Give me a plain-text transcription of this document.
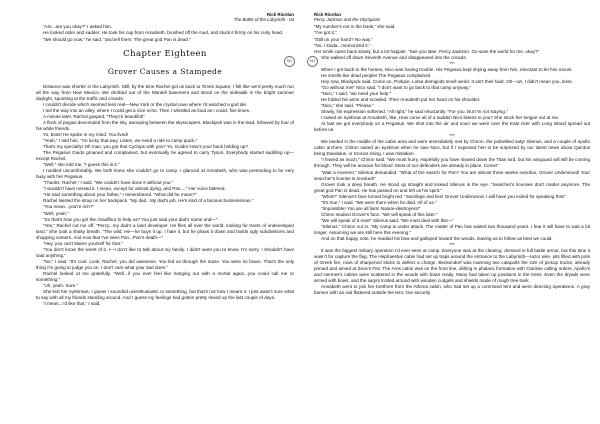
Rick Riordan
The Battle of the Labyrinth - 04

“Are...are you okay?” I asked him.

He looked older and sadder. He took his cap from Annabeth, brushed off the mud, and stuck it firmly on his curly head.

“We should go now,” he said, “and tell them. The great god Pan is dead.”

Chapter Eighteen
Grover Causes a Stampede

Distance was shorter in the Labyrinth. Still, by the time Rachel got us back to Times Square, I felt like we'd pretty much run all the way from New Mexico. We climbed out of the Mantell basement and stood on the sidewalk in the bright summer daylight, squinting at the traffic and crowds.

I couldn't decide which seemed less real—New York or the crystal cave where I'd watched a god die.

I led the way into an alley, where I could get a nice echo. Then I whistled as loud as I could, five times.

A minute later, Rachel gasped. “They're beautiful!”

A flock of pegasi descended from the sky, swooping between the skyscrapers. Blackjack was in the lead, followed by four of his white friends.

Yo, boss! He spoke in my mind. You lived!

“Yeah,” I told him. “I'm lucky that way. Listen, we need a ride to camp quick.”

That's my specialty! Oh man, you got that Cyclops with you? Yo, Guido! How's your back holding up?

The Pegasus Guido groaned and complained, but eventually he agreed to carry Tyson. Everybody started saddling up—except Rachel.

“Well,” she told me, “I guess this is it.”

I nodded uncomfortably. We both knew she couldn't go to camp. I glanced at Annabeth, who was pretending to be very busy with her Pegasus.

“Thanks, Rachel,” I said. “We couldn't have done it without you.”

“I wouldn't have missed it. I mean, except for almost dying, and Pan....” Her voice faltered.

“He said something about your father,” I remembered. “What did he mean?”

Rachel twisted the strap on her backpack. “My dad...My dad's job. He's kind of a famous businessman.”

“You mean...you're rich?”

“Well, yeah.”

“So that's how you got the chauffeur to help us? You just said your dad's name and—”

“Yes,” Rachel cut me off. “Percy...my dad's a land developer. He flies all over the world, looking for tracts of undeveloped land.” She took a shaky breath. “The wild. He—he buys it up. I hate it, but he plows it down and builds ugly subdivisions and shopping centers. And now that I've seen Pan...Pan's death—”

“Hey, you can't blame yourself for that.”

“You don't know the worst of it. I—I don't like to talk about my family. I didn't want you to know. I'm sorry. I shouldn't have said anything.”

“No,” I said. “It's cool. Look, Rachel, you did awesome. You led us through the maze. You were so brave. That's the only thing I'm going to judge you on. I don't care what your dad does.”

Rachel looked at me gratefully. “Well...if you ever feel like hanging out with a mortal again...you could call me or something.”

“Uh, yeah. Sure.”

She knit her eyebrows. I guess I sounded unenthusiastic or something, but that's not how I meant it. I just wasn't sure what to say with all my friends standing around. And I guess my feelings had gotten pretty mixed up the last couple of days.

“I mean...I'd like that,” I said.

511	512
Rick Riordan
Percy Jackson and the Olympians

“My number's not in the book,” she said.

“I've got it.”

“Still on your hand? No way.”

“No. I kinda...memorized it.”

Her smile came back slowly, but a lot happier. “See you later, Percy Jackson. Go save the world for me, okay?”

She walked off down Seventh Avenue and disappeared into the crowds.

***

When I got back to the horses, Nico was having trouble. His Pegasus kept shying away from him, reluctant to let him mount.

He smells like dead people! The Pegasus complained.

Hey now, Blackjack said. Come on, Porkpie. Lotsa demigods smell weird. It ain't their fault. Oh—uh, I didn't mean you, boss.

“Go without me!” Nico said. “I don't want to go back to that camp anyway.”

“Nico,” I said, “we need your help.”

He folded his arms and scowled. Then Annabeth put her hand on his shoulder.

“Nico,” she said. “Please.”

Slowly, his expression softened. “All right,” he said reluctantly. “For you. But I'm not staying.”

I raised an eyebrow at Annabeth, like, How come all of a sudden Nico listens to you? She stuck her tongue out at me.

At last we got everybody on a Pegasus. We shot into the air and soon we were over the East river with Long Island spread out before us.

***

We landed in the middle of the cabin area and were immediately met by Chiron, the potbellied satyr Silenus, and a couple of Apollo cabin archers. Chiron raised an eyebrow when he saw Nico, but if I expected him to be surprised by our latest news about Quintus being Daedalus, or Kronos rising, I was mistaken.

“I feared as much,” Chiron said. “We must hurry. Hopefully you have slowed down the Titan lord, but his vanguard will still be coming through. They will be anxious for blood. Most of our defenders are already in place. Come!”

“Wait a moment,” Silenus demanded. “What of the search for Pan? You are almost three weeks overdue, Grover Underwood! Your searcher's license is revoked!”

Grover took a deep breath. He stood up straight and looked Silenus in the eye. “Searcher's licenses don't matter anymore. The great god Pan is dead. He has passed on and left us his spirit.”

“What?” Silenus's face turned bright red. “Sacrilege and lies! Grover Underwood, I will have you exiled for speaking this!”

“It's true,” I said. “We were there when he died. All of us.”

“Impossible! You are all liars! Nature-destroyers!”

Chiron studied Grover's face. “We will speak of this later.”

“We will speak of it now!” Silenus said. “We must deal with this—”

“Silenus,” Chiron cut in. “My camp is under attack. The matter of Pan has waited two thousand years. I fear it will have to wait a bit longer. Assuming we are still here this evening.”

And on that happy note, he readied his bow and galloped toward the woods, leaving us to follow as best we could.

***

It was the biggest military operation I'd ever seen at camp. Everyone was at the clearing, dressed in full battle armor, but this time it wasn't for capture the flag. The Hephaestus cabin had set up traps around the entrance to the Labyrinth—razor wire, pits filled with pots of Greek fire, rows of sharpened sticks to deflect a charge. Beckendorf was manning two catapults the size of pickup trucks, already primed and aimed at Zeus's Fist. The Ares cabin was on the front line, drilling in phalanx formation with Clarisse calling orders. Apollo's and Hermes's cabins were scattered in the woods with bows ready. Many had taken up positions in the trees. Even the dryads were armed with bows, and the satyrs trotted around with wooden cudgels and shields made of rough tree bark.

Annabeth went to join her brethren from the Athena cabin, who had set up a command tent and were directing operations. A gray banner with an owl fluttered outside the tent. Our security
